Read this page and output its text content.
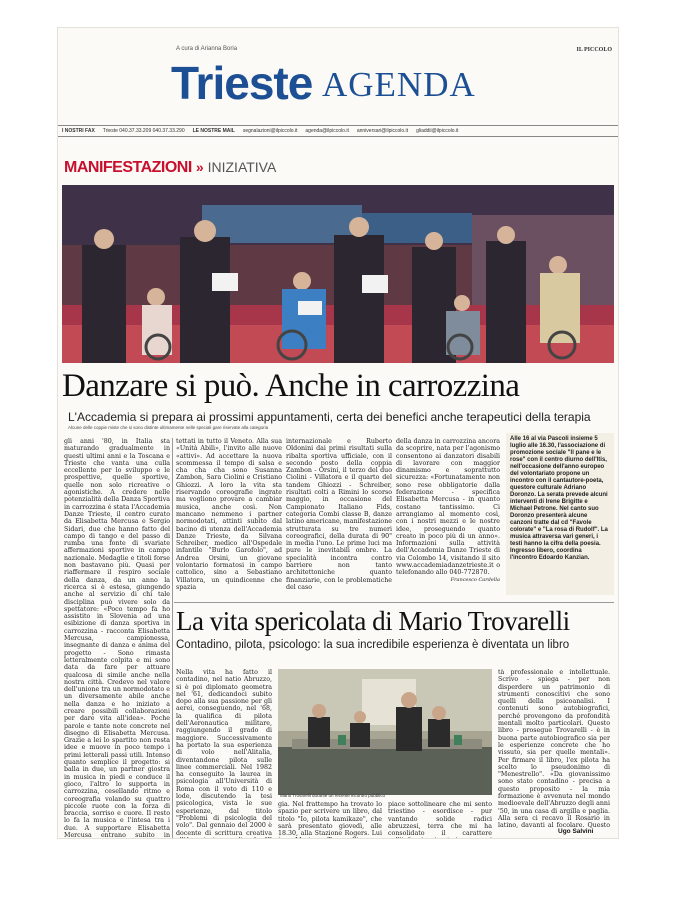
A cura di Arianna Boria	IL PICCOLO
Trieste AGENDA
I NOSTRI FAX Trieste 040.37.33.209 040.37.33.290 LE NOSTRE MAIL segnalazioni@ilpiccolo.it agenda@ilpiccolo.it anniversari@ilpiccolo.it gliaddii@ilpiccolo.it
MANIFESTAZIONI » INIZIATIVA
Danzare si può. Anche in carrozzina
L'Accademia si prepara ai prossimi appuntamenti, certa dei benefici anche terapeutici della terapia
Alcune delle coppie miste che si sono distinte ultimamente nelle speciali gare riservate alla categoria
gli anni '80, in Italia sta maturando gradualmente in questi ultimi anni e la Toscana e Trieste che vanta una culla eccellente per lo sviluppo e le prospettive, quelle sportive, quelle non solo ricreative o agonistiche. A credere nelle potenzialità della Danza Sportiva in carrozzina è stata l'Accademia Danze Trieste, il centro curato da Elisabetta Mercusa e Sergio Sidari, due che hanno fatto del campo di tango e del passo di rumba una fonte di svariate affermazioni sportive in campo nazionale. Medaglie e titoli forse non bastavano più. Quasi per riaffermare il respiro sociale della danza, da un anno la ricerca si è estesa, giungendo anche al servizio di chi tale disciplina può vivere solo da spettatore: «Poco tempo fa ho assistito in Slovenia ad una esibizione di danza sportiva in carrozzina - racconta Elisabetta Mercusa, campionessa, insegnante di danza e anima del progetto - Sono rimasta letteralmente colpita e mi sono data da fare per attuare qualcosa di simile anche nella nostra città. Credevo nel valore dell'unione tra un normodotato e un diversamente abile anche nella danza e ho iniziato a creare possibili collaborazioni per dare vita all'idea». Poche parole e tante note concrete nel disegno di Elisabetta Mercusa. Grazie a lei lo spartito non resta idee e muove in poco tempo i primi letterali passi utili. Intenso quanto semplice il progetto: si balla in due, un partner giostra in musica in piedi e conduce il gioco, l'altro lo supporta in carrozzina, cesellando ritmo e coreografia volando su quattro piccole ruote con la forza di braccia, sorriso e cuore. Il resto lo fa la musica e l'intesa tra i due. A supportare Elisabetta Mercusa entrano subito in
tettati in tutto il Veneto. Alla sua «Unità Abili», l'invito alle nuove «attivi». Ad accettare la nuova scommessa il tempo di salsa e cha cha cha sono Susanna Zambon, Sara Ciolini e Cristiano Ghiozzi. A loro la vita sta riservando coreografie ingrate ma vogliono provare a cambiar musica, anche così. Non mancano nemmeno i partner normodotati, attinti subito dal bacino di utenza dell'Accademia Danze Trieste, da Silvana Schreiber, medico all'Ospedale infantile "Burlo Garofolo", ad Andrea Orsini, un giovane volontario formatosi in campo cattolico, sino a Sebastiano Villatora, un quindicenne che spazia
internazionale e Ruberto Oldonini dai primi risultati sulla ribalta sportiva ufficiale, con il secondo posto della coppia Zambon - Orsini, il terzo del duo Ciolini - Villatora e il quarto del tandem Ghiozzi - Schreiber, risultati colti a Rimini lo scorso maggio, in occasione del Campionato Italiano Fids, categoria Combi classe B, danze latino americane, manifestazione strutturata su tre numeri coreografici, della durata di 90" in media l'uno. Le prime luci ma pure le inevitabili ombre. La specialità incontra contro barriere non tanto architettoniche quanto finanziarie, con le problematiche del caso
della danza in carrozzina ancora da scoprire, nata per l'agonismo consentono ai danzatori disabili di lavorare con maggior dinamismo e soprattutto sicurezza: «Fortunatamente non sono rese obbligatorie dalla federazione - specifica Elisabetta Mercusa - in quanto costano tantissimo. Ci arrangiamo al momento così, con i nostri mezzi e le nostre idee, proseguendo quanto creato in poco più di un anno». Informazioni sulla attività dell'Accademia Danze Trieste di via Colombo 14, visitando il sito www.accademiadanzetrieste.it o telefonando allo 040-772870.
Francesco Cardella
Alle 16 al via Pascoli insieme 5 luglio alle 16.30, l'associazione di promozione sociale "Il pane e le rose" con il centro diurno dell'Itis, nell'occasione dell'anno europeo del volontariato propone un incontro con il cantautore-poeta, questore culturale Adriano Doronzo. La serata prevede alcuni interventi di Irene Brigitte e Michael Petrone. Nel canto suo Doronzo presenterà alcune canzoni tratte dal cd "Favole colorate" e "La rosa di Rudolf". La musica attraversa vari generi, i testi hanno la cifra della poesia. Ingresso libero, coordina l'incontro Edoardo Kanzian.
La vita spericolata di Mario Trovarelli
Contadino, pilota, psicologo: la sua incredibile esperienza è diventata un libro
Nella vita ha fatto il contadino, nel natio Abruzzo, si è poi diplomato geometra nel '61, dedicandoci subito dopo alla sua passione per gli aerei, conseguendo, nel '68, la qualifica di pilota dell'Aeronautica militare, raggiungendo il grado di maggiore. Successivamente ha portato la sua esperienza di volo nell'Alitalia, diventandone pilota sulle linee commerciali. Nel 1982 ha conseguito la laurea in psicologia all'Università di Roma con il voto di 110 e lode, discutendo la tesi psicologica, vista le sue esperienze, dal titolo "Problemi di psicologia del volo". Dal gennaio del 2000 è docente di scrittura creativa
Mario Trovarelli durante un recente incontro pubblico
gia. Nel frattempo ha trovato lo spazio per scrivere un libro, dal titolo "Io, pilota kamikaze", che sarà presentato giovedì, alle 18.30, alla Stazione Rogers. Lui
piace sottolineare che mi sento triestino - esordisce - pur vantando solide radici abruzzesi, terra che mi ha consolidato il carattere
tà professionale e intellettuale. Scrivo - spiega - per non disperdere un patrimonio di strumenti conoscitivi che sono quelli della psicoanalisi. I contenuti sono autobiografici, perché provengono da profondità mentali molto particolari. Questo libro - prosegue Trovarelli - è in buona parte autobiografico sia per le esperienze concrete che ho vissuto, sia per quelle mentali». Per firmare il libro, l'ex pilota ha scelto lo pseudonimo di "Menestrello". «Da giovanissimo sono stato contadino - precisa a questo proposito - la mia formazione è avvenuta nel mondo medioevale dell'Abruzzo degli anni '50, in una casa di argilla e paglia. Alla sera ci recavo il Rosario in latino, davanti al focolare. Questo
Ugo Salvini
